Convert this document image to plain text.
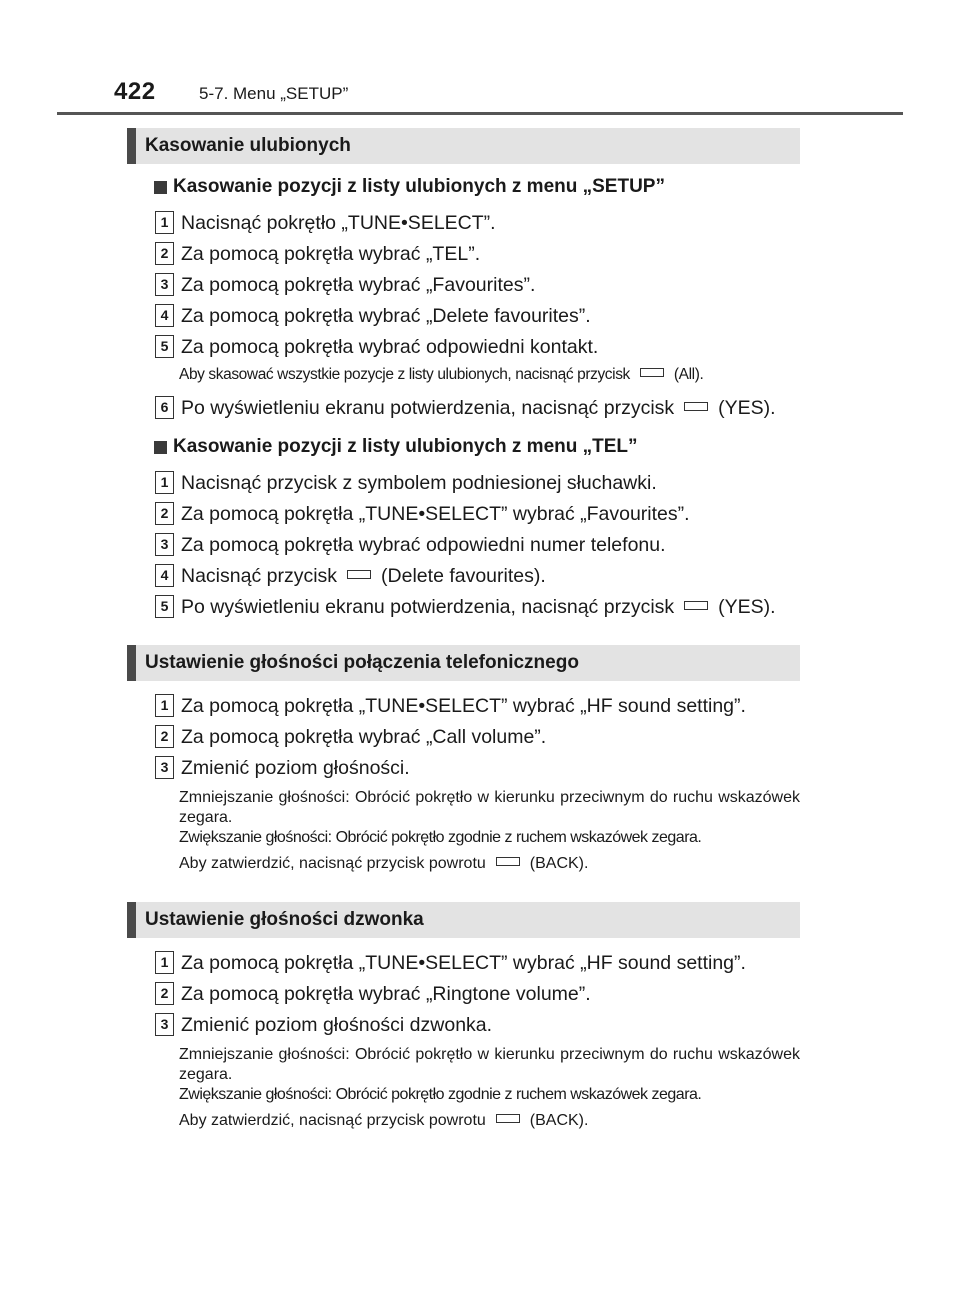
422	5-7. Menu „SETUP”
Kasowanie ulubionych
Kasowanie pozycji z listy ulubionych z menu „SETUP”
1 Nacisnąć pokrętło „TUNE•SELECT”.
2 Za pomocą pokrętła wybrać „TEL”.
3 Za pomocą pokrętła wybrać „Favourites”.
4 Za pomocą pokrętła wybrać „Delete favourites”.
5 Za pomocą pokrętła wybrać odpowiedni kontakt.
Aby skasować wszystkie pozycje z listy ulubionych, nacisnąć przycisk	(All).
6 Po wyświetleniu ekranu potwierdzenia, nacisnąć przycisk (YES).
Kasowanie pozycji z listy ulubionych z menu „TEL”
1 Nacisnąć przycisk z symbolem podniesionej słuchawki.
2 Za pomocą pokrętła „TUNE•SELECT” wybrać „Favourites”.
3 Za pomocą pokrętła wybrać odpowiedni numer telefonu.
4 Nacisnąć przycisk (Delete favourites).
5 Po wyświetleniu ekranu potwierdzenia, nacisnąć przycisk (YES).
Ustawienie głośności połączenia telefonicznego
1 Za pomocą pokrętła „TUNE•SELECT” wybrać „HF sound setting”.
2 Za pomocą pokrętła wybrać „Call volume”.
3 Zmienić poziom głośności.
Zmniejszanie głośności: Obrócić pokrętło w kierunku przeciwnym do ruchu wskazówek zegara.
Zwiększanie głośności: Obrócić pokrętło zgodnie z ruchem wskazówek zegara.
Aby zatwierdzić, nacisnąć przycisk powrotu	(BACK).
Ustawienie głośności dzwonka
1 Za pomocą pokrętła „TUNE•SELECT” wybrać „HF sound setting”.
2 Za pomocą pokrętła wybrać „Ringtone volume”.
3 Zmienić poziom głośności dzwonka.
Zmniejszanie głośności: Obrócić pokrętło w kierunku przeciwnym do ruchu wskazówek zegara.
Zwiększanie głośności: Obrócić pokrętło zgodnie z ruchem wskazówek zegara.
Aby zatwierdzić, nacisnąć przycisk powrotu	(BACK).
